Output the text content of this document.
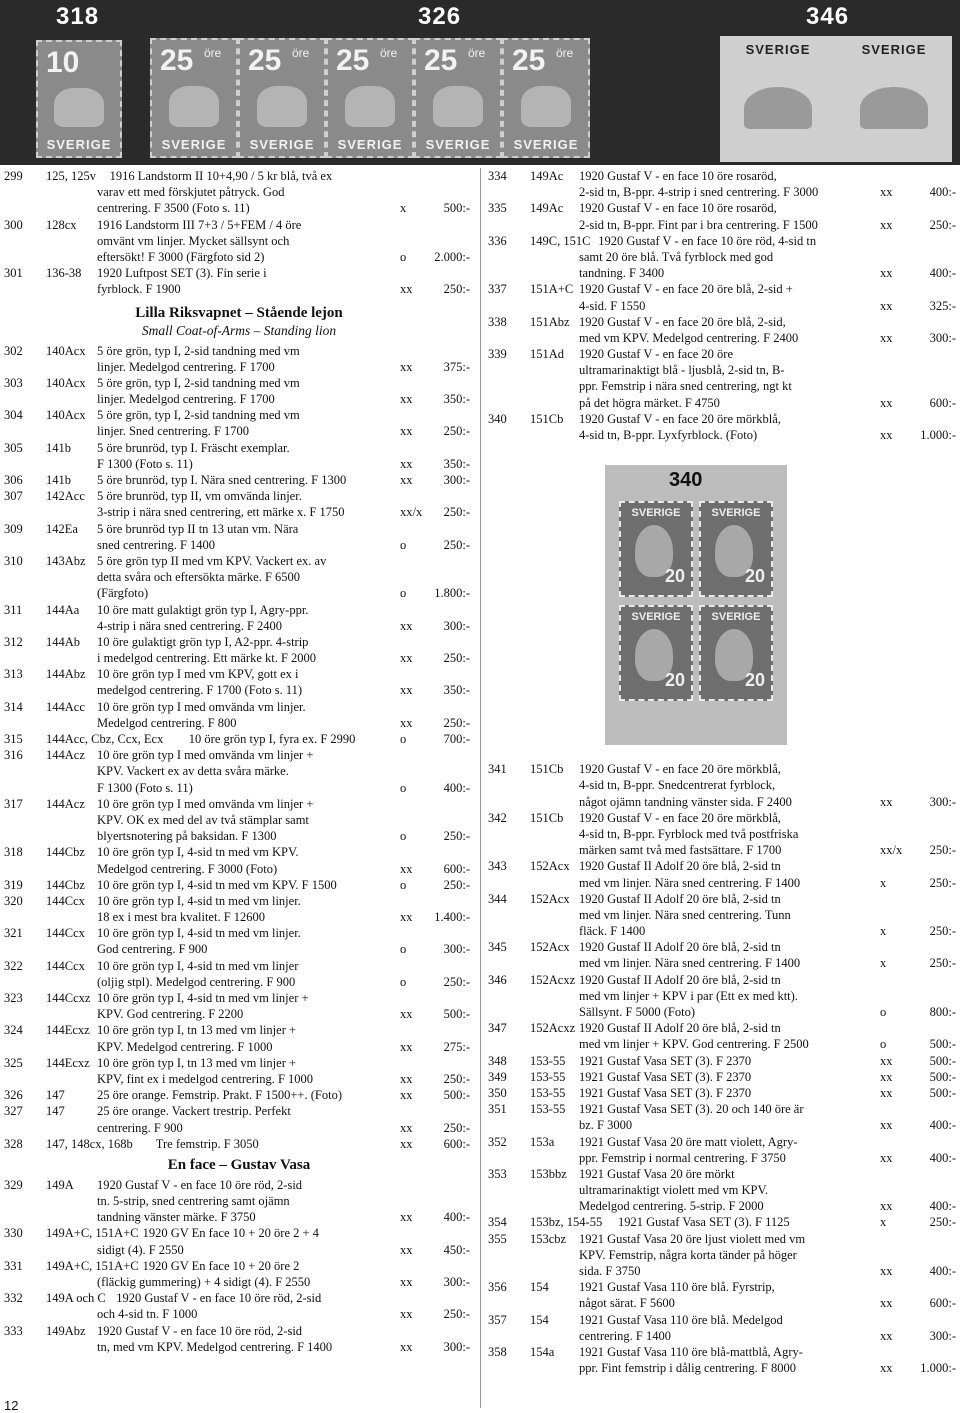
318	326	346
10
SVERIGE
25 öre
SVERIGE
25 öre
SVERIGE
25 öre
SVERIGE
25 öre
SVERIGE
25 öre
SVERIGE
SVERIGE	SVERIGE
299	125, 125v 1916 Landstorm II 10+4,90 / 5 kr blå, två ex
varav ett med förskjutet påtryck. God
centrering. F 3500 (Foto s. 11)	x	500:-
300	128cx 1916 Landstorm III 7+3 / 5+FEM / 4 öre
omvänt vm linjer. Mycket sällsynt och
eftersökt! F 3000 (Färgfoto sid 2)	o 2.000:-
301	136-38 1920 Luftpost SET (3). Fin serie i
fyrblock. F 1900	xx 250:-
Lilla Riksvapnet – Stående lejon
Small Coat-of-Arms – Standing lion
302	140Acx 5 öre grön, typ I, 2-sid tandning med vm
linjer. Medelgod centrering. F 1700	xx 375:-
303	140Acx 5 öre grön, typ I, 2-sid tandning med vm
linjer. Medelgod centrering. F 1700	xx 350:-
304	140Acx 5 öre grön, typ I, 2-sid tandning med vm
linjer. Sned centrering. F 1700	xx 250:-
305	141b 5 öre brunröd, typ I. Fräscht exemplar.
F 1300 (Foto s. 11)	xx 350:-
306	141b 5 öre brunröd, typ I. Nära sned centrering. F 1300	xx 300:-
307	142Acc 5 öre brunröd, typ II, vm omvända linjer.
3-strip i nära sned centrering, ett märke x. F 1750	xx/x 250:-
309	142Ea 5 öre brunröd typ II tn 13 utan vm. Nära
sned centrering. F 1400	o	250:-
310	143Abz 5 öre grön typ II med vm KPV. Vackert ex. av
detta svåra och eftersökta märke. F 6500
(Färgfoto)	o 1.800:-
311	144Aa 10 öre matt gulaktigt grön typ I, Agry-ppr.
4-strip i nära sned centrering. F 2400	xx 300:-
312	144Ab 10 öre gulaktigt grön typ I, A2-ppr. 4-strip
i medelgod centrering. Ett märke kt. F 2000	xx 250:-
313	144Abz 10 öre grön typ I med vm KPV, gott ex i
medelgod centrering. F 1700 (Foto s. 11)	xx 350:-
314	144Acc 10 öre grön typ I med omvända vm linjer.
Medelgod centrering. F 800	xx 250:-
315	144Acc, Cbz, Ccx, Ecx 10 öre grön typ I, fyra ex. F 2990	o	700:-
316	144Acz 10 öre grön typ I med omvända vm linjer +
KPV. Vackert ex av detta svåra märke.
F 1300 (Foto s. 11)	o	400:-
317	144Acz 10 öre grön typ I med omvända vm linjer +
KPV. OK ex med del av två stämplar samt
blyertsnotering på baksidan. F 1300	o	250:-
318	144Cbz 10 öre grön typ I, 4-sid tn med vm KPV.
Medelgod centrering. F 3000 (Foto)	xx 600:-
319	144Cbz 10 öre grön typ I, 4-sid tn med vm KPV. F 1500	o	250:-
320	144Ccx 10 öre grön typ I, 4-sid tn med vm linjer.
18 ex i mest bra kvalitet. F 12600	xx 1.400:-
321	144Ccx 10 öre grön typ I, 4-sid tn med vm linjer.
God centrering. F 900	o	300:-
322	144Ccx 10 öre grön typ I, 4-sid tn med vm linjer
(oljig stpl). Medelgod centrering. F 900	o	250:-
323	144Ccxz 10 öre grön typ I, 4-sid tn med vm linjer +
KPV. God centrering. F 2200	xx 500:-
324	144Ecxz 10 öre grön typ I, tn 13 med vm linjer +
KPV. Medelgod centrering. F 1000	xx 275:-
325	144Ecxz 10 öre grön typ I, tn 13 med vm linjer +
KPV, fint ex i medelgod centrering. F 1000	xx 250:-
326	147	25 öre orange. Femstrip. Prakt. F 1500++. (Foto)	xx 500:-
327	147	25 öre orange. Vackert trestrip. Perfekt
centrering. F 900	xx 250:-
328	147, 148cx, 168b Tre femstrip. F 3050	xx 600:-
En face – Gustav Vasa
329	149A 1920 Gustaf V - en face 10 öre röd, 2-sid
tn. 5-strip, sned centrering samt ojämn
tandning vänster märke. F 3750	xx 400:-
330	149A+C, 151A+C 1920 GV En face 10 + 20 öre 2 + 4
sidigt (4). F 2550	xx 450:-
331	149A+C, 151A+C 1920 GV En face 10 + 20 öre 2
(fläckig gummering) + 4 sidigt (4). F 2550	xx 300:-
332	149A och C 1920 Gustaf V - en face 10 öre röd, 2-sid
och 4-sid tn. F 1000	xx 250:-
333	149Abz 1920 Gustaf V - en face 10 öre röd, 2-sid
tn, med vm KPV. Medelgod centrering. F 1400	xx 300:-
334	149Ac 1920 Gustaf V - en face 10 öre rosaröd,
2-sid tn, B-ppr. 4-strip i sned centrering. F 3000	xx	400:-
335	149Ac 1920 Gustaf V - en face 10 öre rosaröd,
2-sid tn, B-ppr. Fint par i bra centrering. F 1500	xx	250:-
336	149C, 151C 1920 Gustaf V - en face 10 öre röd, 4-sid tn
samt 20 öre blå. Två fyrblock med god
tandning. F 3400	xx	400:-
337	151A+C 1920 Gustaf V - en face 20 öre blå, 2-sid +
4-sid. F 1550	xx	325:-
338	151Abz 1920 Gustaf V - en face 20 öre blå, 2-sid,
med vm KPV. Medelgod centrering. F 2400	xx	300:-
339	151Ad 1920 Gustaf V - en face 20 öre
ultramarinaktigt blå - ljusblå, 2-sid tn, B-
ppr. Femstrip i nära sned centrering, ngt kt
på det högra märket. F 4750	xx	600:-
340	151Cb 1920 Gustaf V - en face 20 öre mörkblå,
4-sid tn, B-ppr. Lyxfyrblock. (Foto)	xx 1.000:-
341	151Cb 1920 Gustaf V - en face 20 öre mörkblå,
4-sid tn, B-ppr. Snedcentrerat fyrblock,
något ojämn tandning vänster sida. F 2400	xx	300:-
342	151Cb 1920 Gustaf V - en face 20 öre mörkblå,
4-sid tn, B-ppr. Fyrblock med två postfriska
märken samt två med fastsättare. F 1700	xx/x 250:-
343	152Acx 1920 Gustaf II Adolf 20 öre blå, 2-sid tn
med vm linjer. Nära sned centrering. F 1400	x	250:-
344	152Acx 1920 Gustaf II Adolf 20 öre blå, 2-sid tn
med vm linjer. Nära sned centrering. Tunn
fläck. F 1400	x	250:-
345	152Acx 1920 Gustaf II Adolf 20 öre blå, 2-sid tn
med vm linjer. Nära sned centrering. F 1400	x	250:-
346	152Acxz 1920 Gustaf II Adolf 20 öre blå, 2-sid tn
med vm linjer + KPV i par (Ett ex med ktt).
Sällsynt. F 5000 (Foto)	o	800:-
347	152Acxz 1920 Gustaf II Adolf 20 öre blå, 2-sid tn
med vm linjer + KPV. God centrering. F 2500	o	500:-
348	153-55 1921 Gustaf Vasa SET (3). F 2370	xx	500:-
349	153-55 1921 Gustaf Vasa SET (3). F 2370	xx	500:-
350	153-55 1921 Gustaf Vasa SET (3). F 2370	xx	500:-
351	153-55 1921 Gustaf Vasa SET (3). 20 och 140 öre är
bz. F 3000	xx	400:-
352	153a 1921 Gustaf Vasa 20 öre matt violett, Agry-
ppr. Femstrip i normal centrering. F 3750	xx	400:-
353	153bbz 1921 Gustaf Vasa 20 öre mörkt
ultramarinaktigt violett med vm KPV.
Medelgod centrering. 5-strip. F 2000	xx	400:-
354	153bz, 154-55 1921 Gustaf Vasa SET (3). F 1125	x	250:-
355	153cbz 1921 Gustaf Vasa 20 öre ljust violett med vm
KPV. Femstrip, några korta tänder på höger
sida. F 3750	xx	400:-
356	154 1921 Gustaf Vasa 110 öre blå. Fyrstrip,
något särat. F 5600	xx	600:-
357	154 1921 Gustaf Vasa 110 öre blå. Medelgod
centrering. F 1400	xx	300:-
358	154a 1921 Gustaf Vasa 110 öre blå-mattblå, Agry-
ppr. Fint femstrip i dålig centrering. F 8000	xx 1.000:-
340
SVERIGE
20
SVERIGE
20
SVERIGE
20
SVERIGE
20
12
